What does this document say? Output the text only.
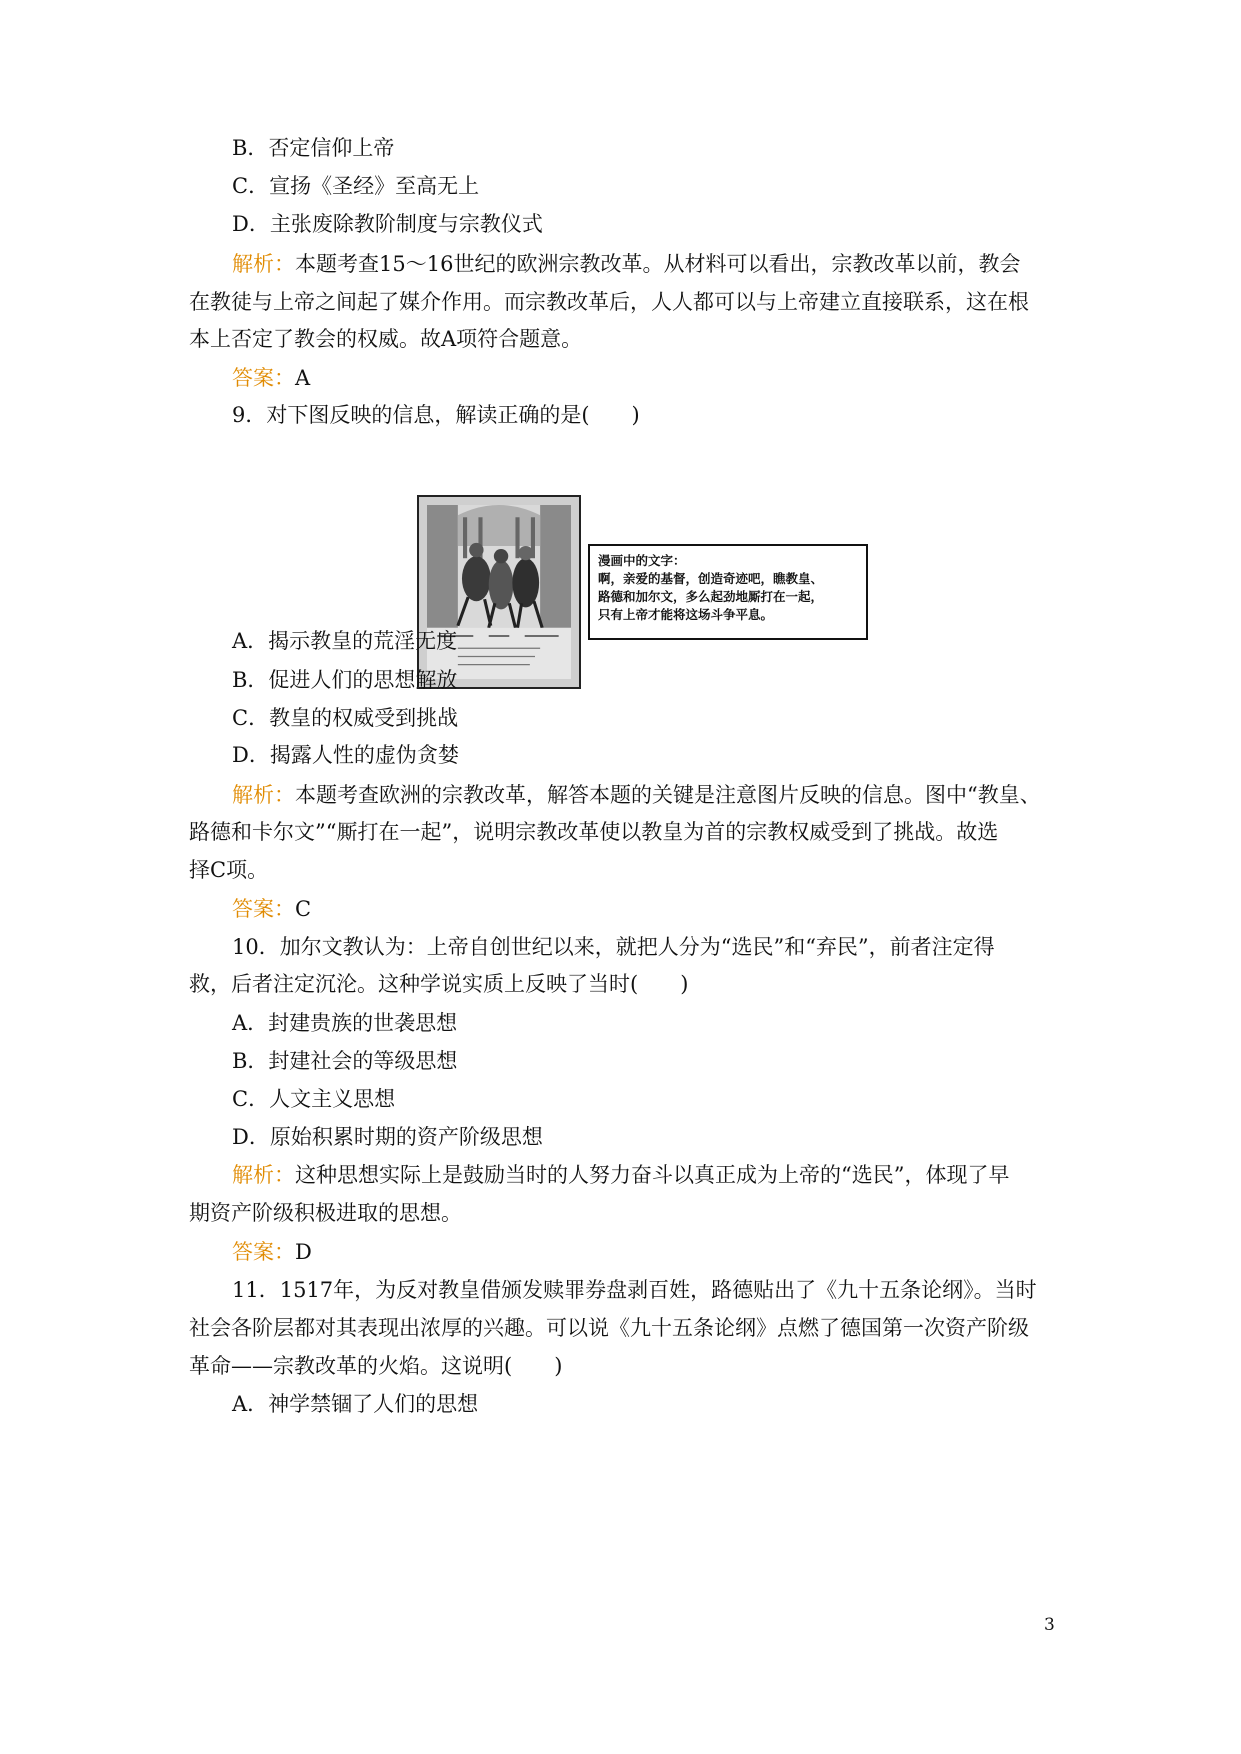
B．否定信仰上帝
C．宣扬《圣经》至高无上
D．主张废除教阶制度与宗教仪式
解析：本题考查15～16世纪的欧洲宗教改革。从材料可以看出，宗教改革以前，教会
在教徒与上帝之间起了媒介作用。而宗教改革后，人人都可以与上帝建立直接联系，这在根
本上否定了教会的权威。故A项符合题意。
答案：A
9．对下图反映的信息，解读正确的是(　　)
漫画中的文字：
啊，亲爱的基督，创造奇迹吧，瞧教皇、
路德和加尔文，多么起劲地厮打在一起，
只有上帝才能将这场斗争平息。
A．揭示教皇的荒淫无度
B．促进人们的思想解放
C．教皇的权威受到挑战
D．揭露人性的虚伪贪婪
解析：本题考查欧洲的宗教改革，解答本题的关键是注意图片反映的信息。图中“教皇、
路德和卡尔文”“厮打在一起”，说明宗教改革使以教皇为首的宗教权威受到了挑战。故选
择C项。
答案：C
10．加尔文教认为：上帝自创世纪以来，就把人分为“选民”和“弃民”，前者注定得
救，后者注定沉沦。这种学说实质上反映了当时(　　)
A．封建贵族的世袭思想
B．封建社会的等级思想
C．人文主义思想
D．原始积累时期的资产阶级思想
解析：这种思想实际上是鼓励当时的人努力奋斗以真正成为上帝的“选民”，体现了早
期资产阶级积极进取的思想。
答案：D
11．1517年，为反对教皇借颁发赎罪券盘剥百姓，路德贴出了《九十五条论纲》。当时
社会各阶层都对其表现出浓厚的兴趣。可以说《九十五条论纲》点燃了德国第一次资产阶级
革命——宗教改革的火焰。这说明(　　)
A．神学禁锢了人们的思想
3
